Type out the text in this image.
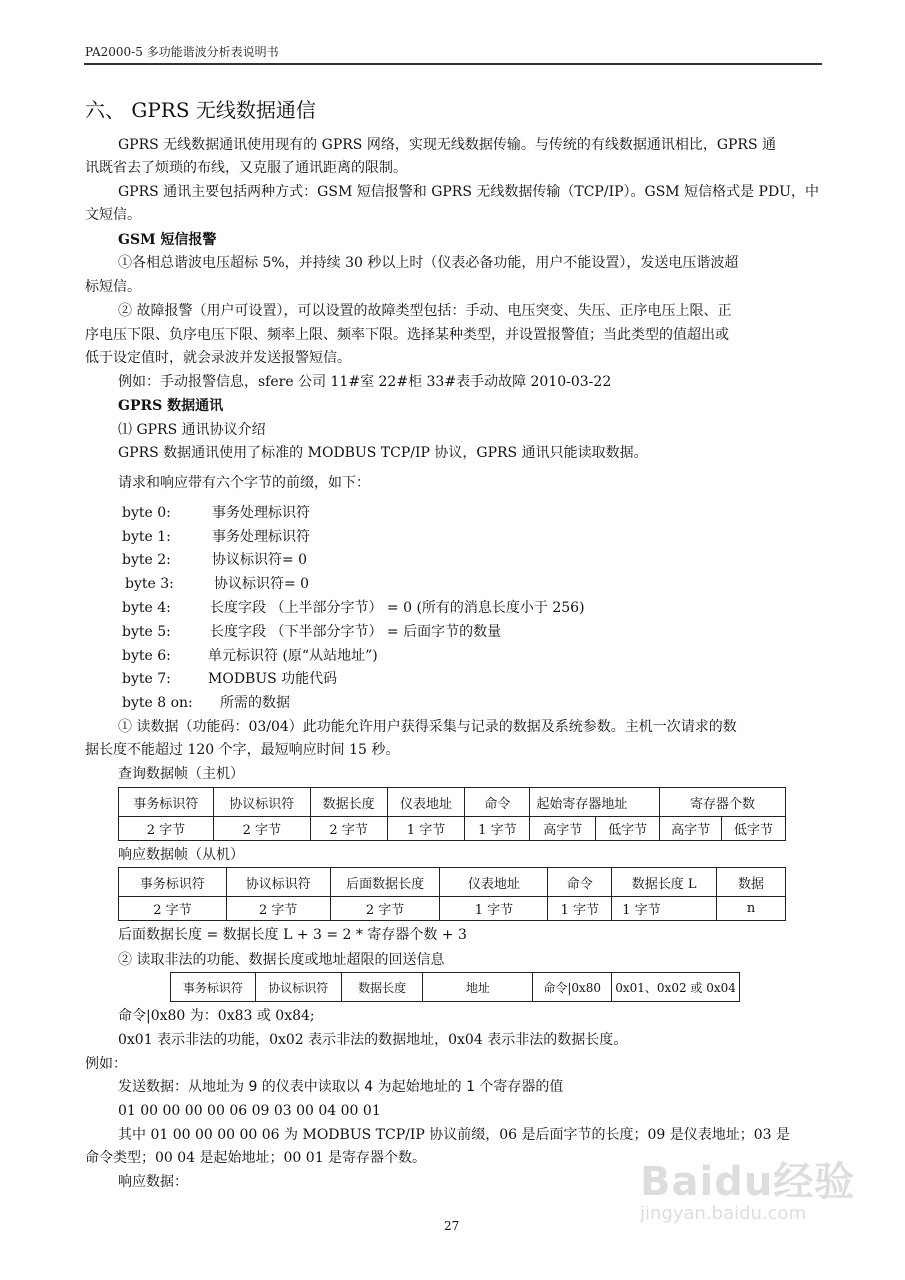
PA2000-5 多功能谐波分析表说明书
六、 GPRS 无线数据通信
GPRS 无线数据通讯使用现有的 GPRS 网络，实现无线数据传输。与传统的有线数据通讯相比，GPRS 通
讯既省去了烦琐的布线，又克服了通讯距离的限制。
GPRS 通讯主要包括两种方式：GSM 短信报警和 GPRS 无线数据传输（TCP/IP）。GSM 短信格式是 PDU，中
文短信。
GSM 短信报警
①各相总谐波电压超标 5%，并持续 30 秒以上时（仪表必备功能，用户不能设置），发送电压谐波超
标短信。
② 故障报警（用户可设置），可以设置的故障类型包括：手动、电压突变、失压、正序电压上限、正
序电压下限、负序电压下限、频率上限、频率下限。选择某种类型，并设置报警值；当此类型的值超出或
低于设定值时，就会录波并发送报警短信。
例如：手动报警信息，sfere 公司 11#室 22#柜 33#表手动故障 2010-03-22
GPRS 数据通讯
⑴ GPRS 通讯协议介绍
GPRS 数据通讯使用了标准的 MODBUS TCP/IP 协议，GPRS 通讯只能读取数据。
请求和响应带有六个字节的前缀，如下：
byte 0:	事务处理标识符
byte 1:	事务处理标识符
byte 2:	协议标识符= 0
byte 3:	协议标识符= 0
byte 4:	长度字段 （上半部分字节） = 0 (所有的消息长度小于 256)
byte 5:	长度字段 （下半部分字节） = 后面字节的数量
byte 6:	单元标识符 (原“从站地址”)
byte 7:	MODBUS 功能代码
byte 8 on: 所需的数据
① 读数据（功能码：03/04）此功能允许用户获得采集与记录的数据及系统参数。主机一次请求的数
据长度不能超过 120 个字，最短响应时间 15 秒。
查询数据帧（主机）
事务标识符	协议标识符	数据长度	仪表地址	命令	起始寄存器地址		寄存器个数	
2 字节	2 字节	2 字节	1 字节	1 字节	高字节	低字节	高字节	低字节
响应数据帧（从机）
事务标识符	协议标识符	后面数据长度	仪表地址	命令	数据长度 L	数据
2 字节	2 字节	2 字节	1 字节	1 字节	1 字节	n
后面数据长度 = 数据长度 L + 3 = 2 * 寄存器个数 + 3
② 读取非法的功能、数据长度或地址超限的回送信息
事务标识符	协议标识符	数据长度	地址	命令|0x80	0x01、0x02 或 0x04
命令|0x80 为：0x83 或 0x84;
0x01 表示非法的功能，0x02 表示非法的数据地址，0x04 表示非法的数据长度。
例如：
发送数据：从地址为 9 的仪表中读取以 4 为起始地址的 1 个寄存器的值
01 00 00 00 00 06 09 03 00 04 00 01
其中 01 00 00 00 00 06 为 MODBUS TCP/IP 协议前缀，06 是后面字节的长度；09 是仪表地址；03 是
命令类型；00 04 是起始地址；00 01 是寄存器个数。
响应数据：
27
Baidu经验
jingyan.baidu.com
